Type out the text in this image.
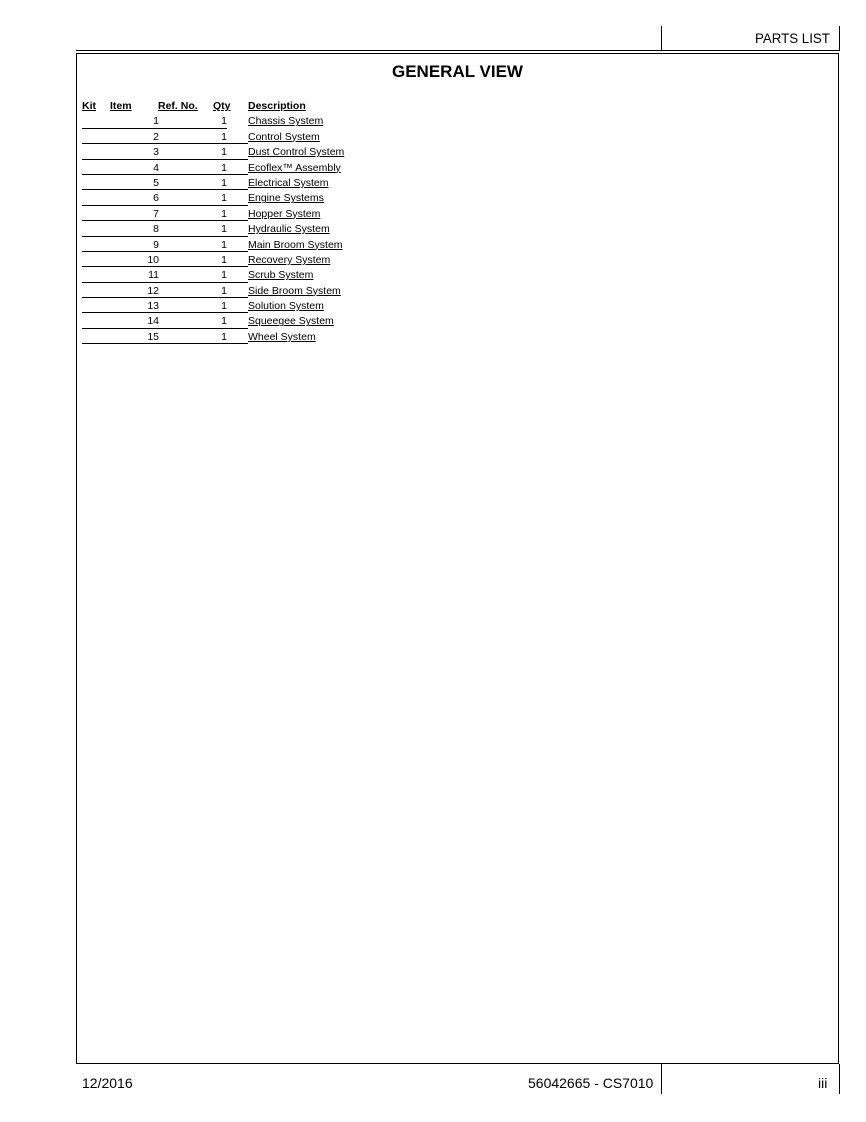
PARTS LIST
GENERAL VIEW
Kit Item	Ref. No. Qty Description
1	1 Chassis System
2	1 Control System
3	1 Dust Control System
4	1 Ecoflex™ Assembly
5	1 Electrical System
6	1 Engine Systems
7	1 Hopper System
8	1 Hydraulic System
9	1 Main Broom System
10	1 Recovery System
11	1 Scrub System
12	1 Side Broom System
13	1 Solution System
14	1 Squeegee System
15	1 Wheel System
12/2016	56042665 - CS7010	iii
